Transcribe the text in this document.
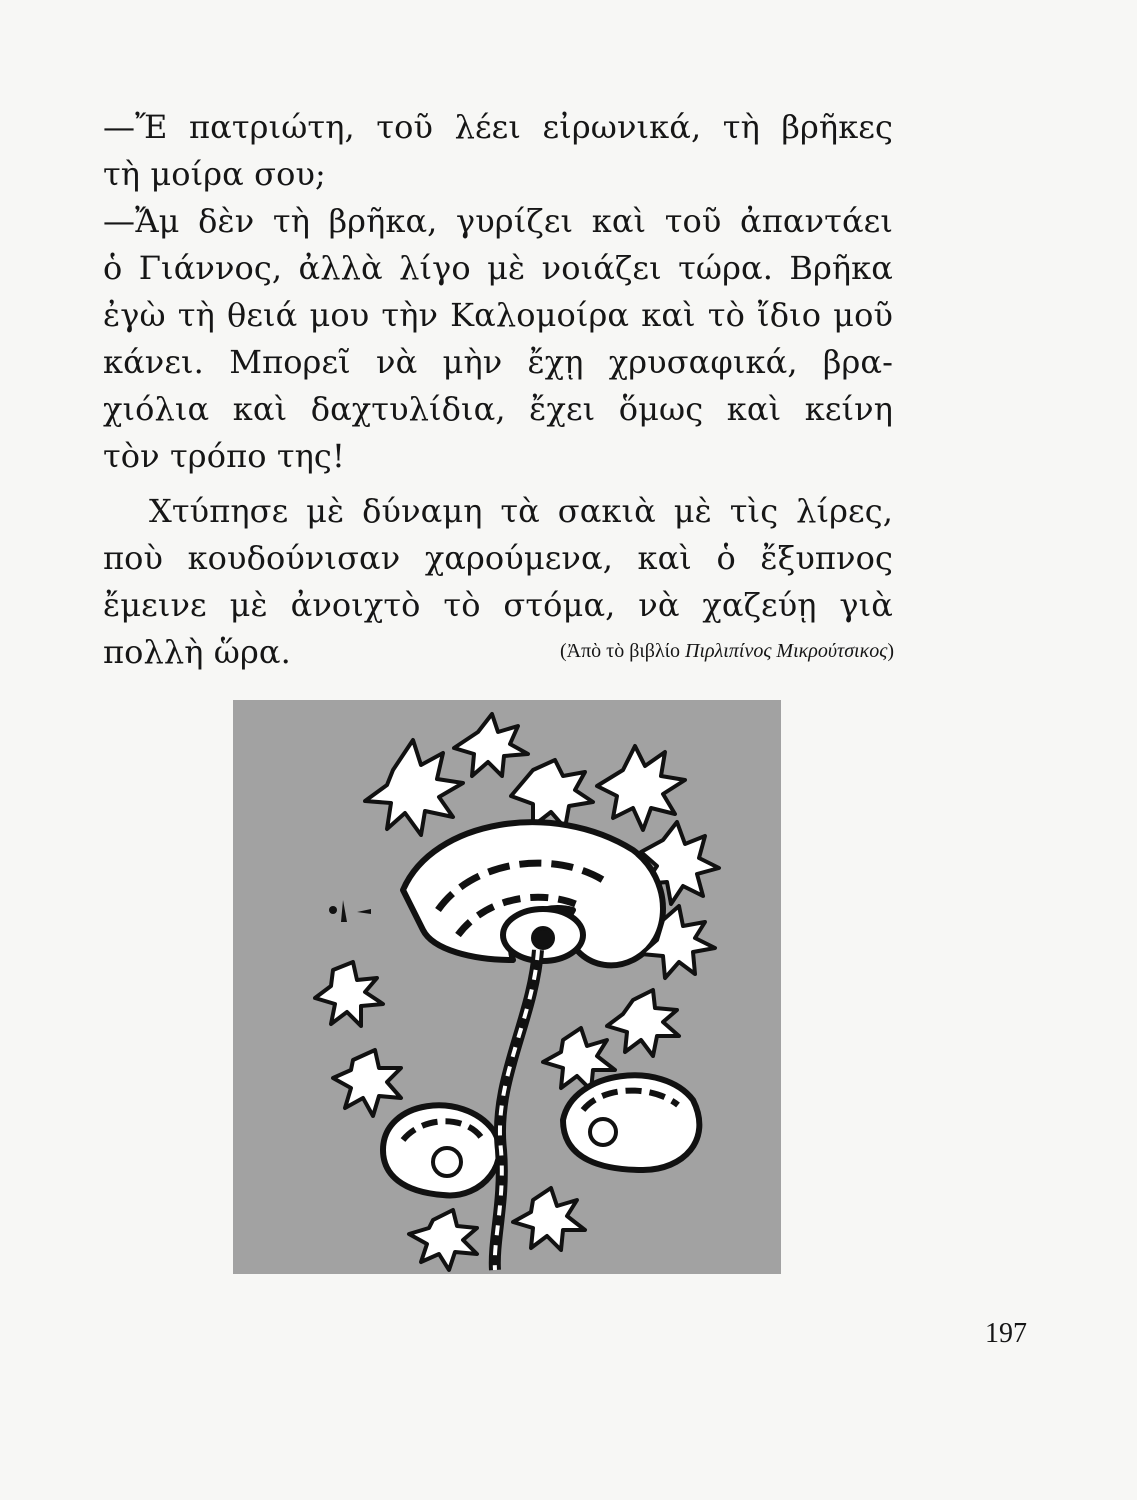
—Ἔ πατριώτη, τοῦ λέει εἰρωνικά, τὴ βρῆκες
τὴ μοίρα σου;
—Ἄμ δὲν τὴ βρῆκα, γυρίζει καὶ τοῦ ἀπαντάει
ὁ Γιάννος, ἀλλὰ λίγο μὲ νοιάζει τώρα. Βρῆκα
ἐγὼ τὴ θειά μου τὴν Καλομοίρα καὶ τὸ ἴδιο μοῦ
κάνει. Μπορεῖ νὰ μὴν ἔχῃ χρυσαφικά, βρα-
χιόλια καὶ δαχτυλίδια, ἔχει ὅμως καὶ κείνη
τὸν τρόπο της!
Χτύπησε μὲ δύναμη τὰ σακιὰ μὲ τὶς λίρες,
ποὺ κουδούνισαν χαρούμενα, καὶ ὁ ἔξυπνος
ἔμεινε μὲ ἀνοιχτὸ τὸ στόμα, νὰ χαζεύῃ γιὰ
πολλὴ ὥρα.	(Ἀπὸ τὸ βιβλίο Πιρλιπίνος Μικρούτσικος)
197
